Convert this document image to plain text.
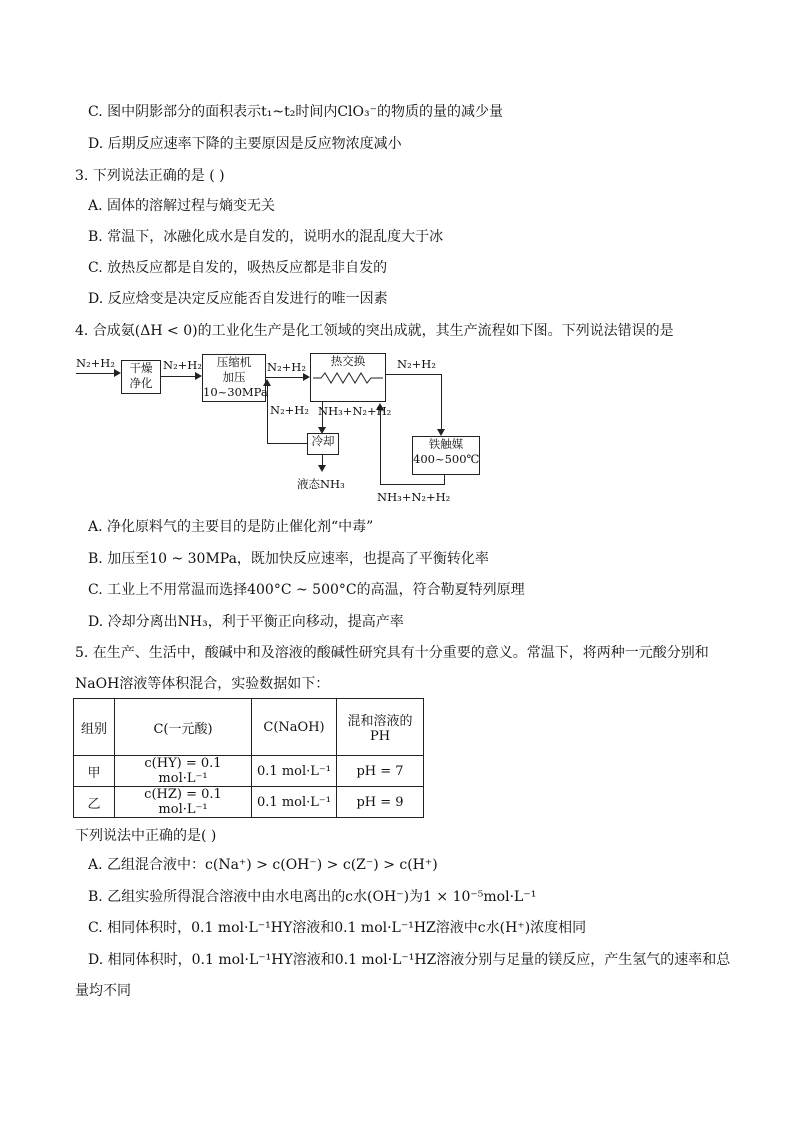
C. 图中阴影部分的面积表示t₁~t₂时间内ClO₃⁻的物质的量的减少量
D. 后期反应速率下降的主要原因是反应物浓度减小
3. 下列说法正确的是 ( )
A. 固体的溶解过程与熵变无关
B. 常温下，冰融化成水是自发的，说明水的混乱度大于冰
C. 放热反应都是自发的，吸热反应都是非自发的
D. 反应焓变是决定反应能否自发进行的唯一因素
4. 合成氨(ΔH < 0)的工业化生产是化工领域的突出成就，其生产流程如下图。下列说法错误的是
N₂+H₂	干燥
净化
N₂+H₂	压缩机
加压
10~30MPa
N₂+H₂	热交换	N₂+H₂
铁触媒
400~500℃
NH₃+N₂+H₂
NH₃+N₂+H₂
冷却
N₂+H₂
液态NH₃
A. 净化原料气的主要目的是防止催化剂“中毒”
B. 加压至10 ~ 30MPa，既加快反应速率，也提高了平衡转化率
C. 工业上不用常温而选择400°C ~ 500°C的高温，符合勒夏特列原理
D. 冷却分离出NH₃，利于平衡正向移动，提高产率
5. 在生产、生活中，酸碱中和及溶液的酸碱性研究具有十分重要的意义。常温下，将两种一元酸分别和
NaOH溶液等体积混合，实验数据如下：
组别	C(一元酸)	C(NaOH)	混和溶液的
PH
甲	c(HY) = 0.1 mol·L⁻¹	0.1 mol·L⁻¹	pH = 7
乙	c(HZ) = 0.1 mol·L⁻¹	0.1 mol·L⁻¹	pH = 9
下列说法中正确的是( )
A. 乙组混合液中：c(Na⁺) > c(OH⁻) > c(Z⁻) > c(H⁺)
B. 乙组实验所得混合溶液中由水电离出的c水(OH⁻)为1 × 10⁻⁵mol·L⁻¹
C. 相同体积时，0.1 mol·L⁻¹HY溶液和0.1 mol·L⁻¹HZ溶液中c水(H⁺)浓度相同
D. 相同体积时，0.1 mol·L⁻¹HY溶液和0.1 mol·L⁻¹HZ溶液分别与足量的镁反应，产生氢气的速率和总
量均不同
